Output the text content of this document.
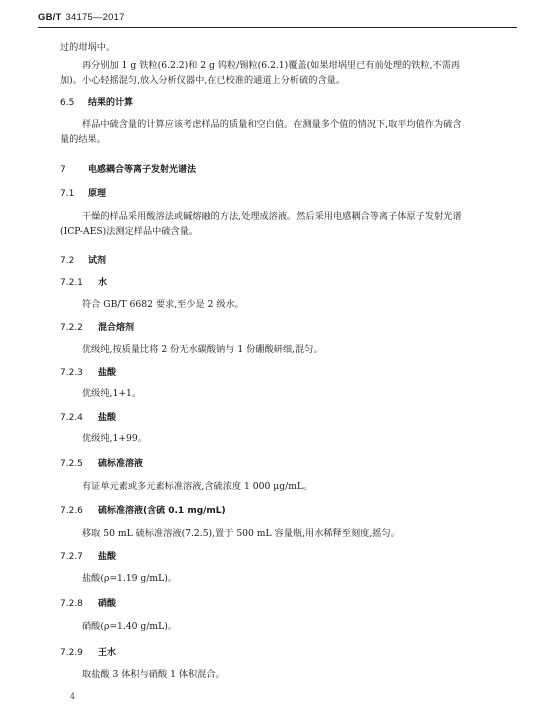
GB/T 34175—2017
过的坩埚中。
再分别加 1 g 铁粒(6.2.2)和 2 g 钨粒/锡粒(6.2.1)覆盖(如果坩埚里已有前处理的铁粒,不需再
加)。小心轻摇混匀,放入分析仪器中,在已校准的通道上分析硫的含量。
6.5 结果的计算
样品中硫含量的计算应该考虑样品的质量和空白值。在测量多个值的情况下,取平均值作为硫含
量的结果。
7 电感耦合等离子发射光谱法
7.1 原理
干燥的样品采用酸溶法或碱熔融的方法,处理成溶液。然后采用电感耦合等离子体原子发射光谱
(ICP-AES)法测定样品中硫含量。
7.2 试剂
7.2.1 水
符合 GB/T 6682 要求,至少是 2 级水。
7.2.2 混合熔剂
优级纯,按质量比将 2 份无水碳酸钠与 1 份硼酸研细,混匀。
7.2.3 盐酸
优级纯,1+1。
7.2.4 盐酸
优级纯,1+99。
7.2.5 硫标准溶液
有证单元素或多元素标准溶液,含硫浓度 1 000 μg/mL。
7.2.6 硫标准溶液(含硫 0.1 mg/mL)
移取 50 mL 硫标准溶液(7.2.5),置于 500 mL 容量瓶,用水稀释至刻度,摇匀。
7.2.7 盐酸
盐酸(ρ=1.19 g/mL)。
7.2.8 硝酸
硝酸(ρ=1.40 g/mL)。
7.2.9 王水
取盐酸 3 体积与硝酸 1 体积混合。
4
